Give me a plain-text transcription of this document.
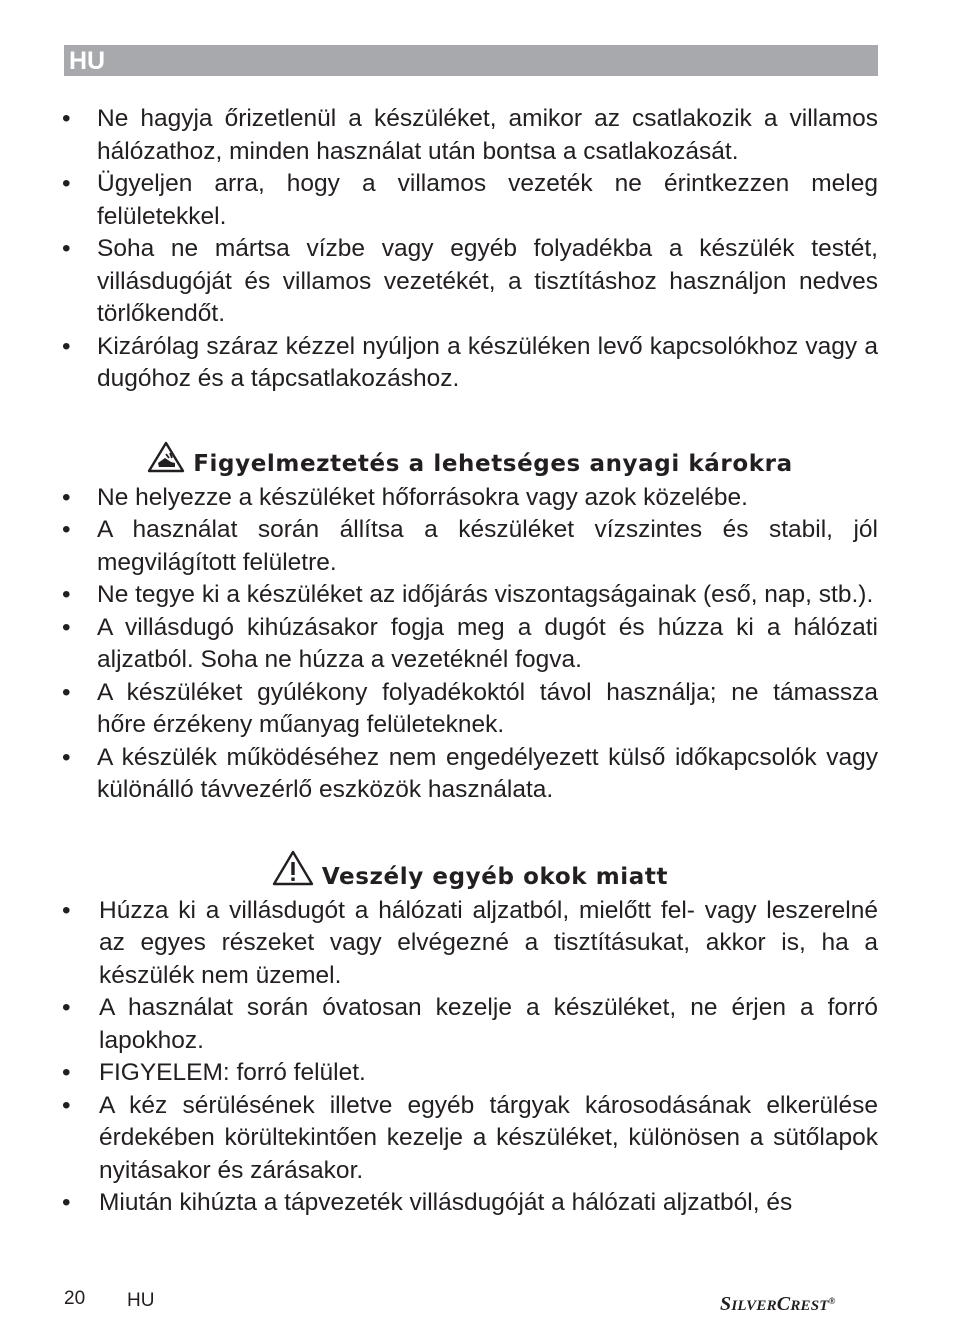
HU
•	Ne hagyja őrizetlenül a készüléket, amikor az csatlakozik a villamos hálózathoz, minden használat után bontsa a csatlakozását.
•	Ügyeljen arra, hogy a villamos vezeték ne érintkezzen meleg felületekkel.
•	Soha ne mártsa vízbe vagy egyéb folyadékba a készülék testét, villásdugóját és villamos vezetékét, a tisztításhoz használjon nedves törlőkendőt.
•	Kizárólag száraz kézzel nyúljon a készüléken levő kapcsolókhoz vagy a dugóhoz és a tápcsatlakozáshoz.
Figyelmeztetés a lehetséges anyagi károkra
•	Ne helyezze a készüléket hőforrásokra vagy azok közelébe.
•	A használat során állítsa a készüléket vízszintes és stabil, jól megvilágított felületre.
•	Ne tegye ki a készüléket az időjárás viszontagságainak (eső, nap, stb.).
•	A villásdugó kihúzásakor fogja meg a dugót és húzza ki a hálózati aljzatból. Soha ne húzza a vezetéknél fogva.
•	A készüléket gyúlékony folyadékoktól távol használja; ne támassza hőre érzékeny műanyag felületeknek.
•	A készülék működéséhez nem engedélyezett külső időkapcsolók vagy különálló távvezérlő eszközök használata.
Veszély egyéb okok miatt
•	Húzza ki a villásdugót a hálózati aljzatból, mielőtt fel- vagy leszerelné az egyes részeket vagy elvégezné a tisztításukat, akkor is, ha a készülék nem üzemel.
•	A használat során óvatosan kezelje a készüléket, ne érjen a forró lapokhoz.
•	FIGYELEM: forró felület.
•	A kéz sérülésének illetve egyéb tárgyak károsodásának elkerülése érdekében körültekintően kezelje a készüléket, különösen a sütőlapok nyitásakor és zárásakor.
•	Miután kihúzta a tápvezeték villásdugóját a hálózati aljzatból, és
20 HU	SILVERCREST®
